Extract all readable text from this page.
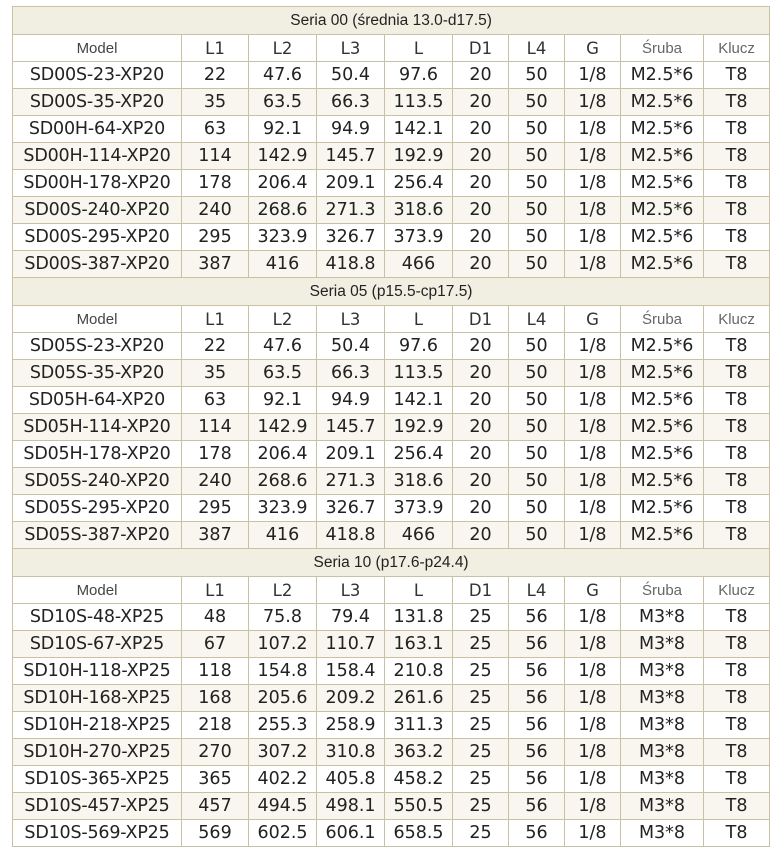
Seria 00 (średnia 13.0-d17.5)									
Model	L1	L2	L3	L	D1	L4	G	Śruba	Klucz
SD00S-23-XP20	22	47.6	50.4	97.6	20	50	1/8	M2.5*6	T8
SD00S-35-XP20	35	63.5	66.3	113.5	20	50	1/8	M2.5*6	T8
SD00H-64-XP20	63	92.1	94.9	142.1	20	50	1/8	M2.5*6	T8
SD00H-114-XP20	114	142.9	145.7	192.9	20	50	1/8	M2.5*6	T8
SD00H-178-XP20	178	206.4	209.1	256.4	20	50	1/8	M2.5*6	T8
SD00S-240-XP20	240	268.6	271.3	318.6	20	50	1/8	M2.5*6	T8
SD00S-295-XP20	295	323.9	326.7	373.9	20	50	1/8	M2.5*6	T8
SD00S-387-XP20	387	416	418.8	466	20	50	1/8	M2.5*6	T8
Seria 05 (p15.5-cp17.5)									
Model	L1	L2	L3	L	D1	L4	G	Śruba	Klucz
SD05S-23-XP20	22	47.6	50.4	97.6	20	50	1/8	M2.5*6	T8
SD05S-35-XP20	35	63.5	66.3	113.5	20	50	1/8	M2.5*6	T8
SD05H-64-XP20	63	92.1	94.9	142.1	20	50	1/8	M2.5*6	T8
SD05H-114-XP20	114	142.9	145.7	192.9	20	50	1/8	M2.5*6	T8
SD05H-178-XP20	178	206.4	209.1	256.4	20	50	1/8	M2.5*6	T8
SD05S-240-XP20	240	268.6	271.3	318.6	20	50	1/8	M2.5*6	T8
SD05S-295-XP20	295	323.9	326.7	373.9	20	50	1/8	M2.5*6	T8
SD05S-387-XP20	387	416	418.8	466	20	50	1/8	M2.5*6	T8
Seria 10 (p17.6-p24.4)									
Model	L1	L2	L3	L	D1	L4	G	Śruba	Klucz
SD10S-48-XP25	48	75.8	79.4	131.8	25	56	1/8	M3*8	T8
SD10S-67-XP25	67	107.2	110.7	163.1	25	56	1/8	M3*8	T8
SD10H-118-XP25	118	154.8	158.4	210.8	25	56	1/8	M3*8	T8
SD10H-168-XP25	168	205.6	209.2	261.6	25	56	1/8	M3*8	T8
SD10H-218-XP25	218	255.3	258.9	311.3	25	56	1/8	M3*8	T8
SD10H-270-XP25	270	307.2	310.8	363.2	25	56	1/8	M3*8	T8
SD10S-365-XP25	365	402.2	405.8	458.2	25	56	1/8	M3*8	T8
SD10S-457-XP25	457	494.5	498.1	550.5	25	56	1/8	M3*8	T8
SD10S-569-XP25	569	602.5	606.1	658.5	25	56	1/8	M3*8	T8
